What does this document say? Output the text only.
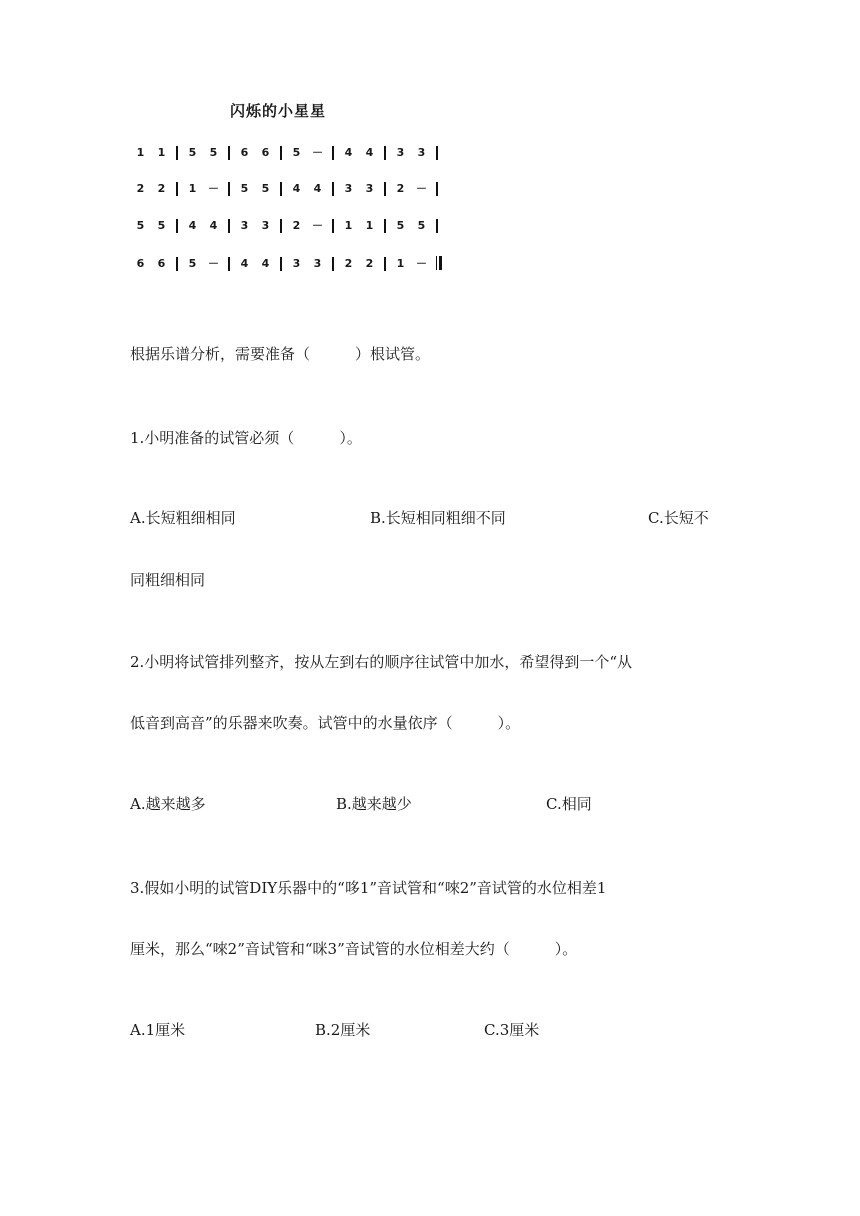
闪烁的小星星
1 1 5 5 6 6 5 － 4 4 3 3
2 2 1 － 5 5 4 4 3 3 2 －
5 5 4 4 3 3 2 － 1 1 5 5
6 6 5 － 4 4 3 3 2 2 1 －
根据乐谱分析，需要准备（　　　）根试管。
1.小明准备的试管必须（　　　）。
A.长短粗细相同	B.长短相同粗细不同	C.长短不
同粗细相同
2.小明将试管排列整齐，按从左到右的顺序往试管中加水，希望得到一个“从
低音到高音”的乐器来吹奏。试管中的水量依序（　　　）。
A.越来越多	B.越来越少	C.相同
3.假如小明的试管DIY乐器中的“哆1”音试管和“唻2”音试管的水位相差1
厘米，那么“唻2”音试管和“咪3”音试管的水位相差大约（　　　）。
A.1厘米	B.2厘米	C.3厘米
